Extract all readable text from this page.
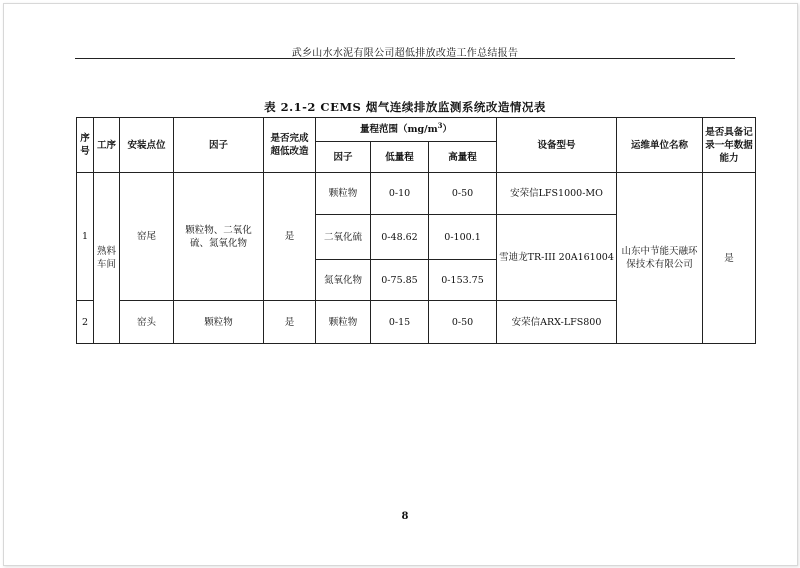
武乡山水水泥有限公司超低排放改造工作总结报告
表 2.1-2 CEMS 烟气连续排放监测系统改造情况表
序号	工序	安装点位	因子	是否完成超低改造	量程范围$(mg/m^3)$			设备型号	运维单位名称	是否具备记录一年数据能力
					因子	低量程	高量程			
1	熟料车间	窑尾	颗粒物、二氧化硫、氮氧化物	是	颗粒物	0-10	0-50	安荣信LFS1000-MO	山东中节能天融环保技术有限公司	是
					二氧化硫	0-48.62	0-100.1	雪迪龙TR-III 20A161004		
					氮氧化物	0-75.85	0-153.75			
2		窑头	颗粒物	是	颗粒物	0-15	0-50	安荣信ARX-LFS800		
8
